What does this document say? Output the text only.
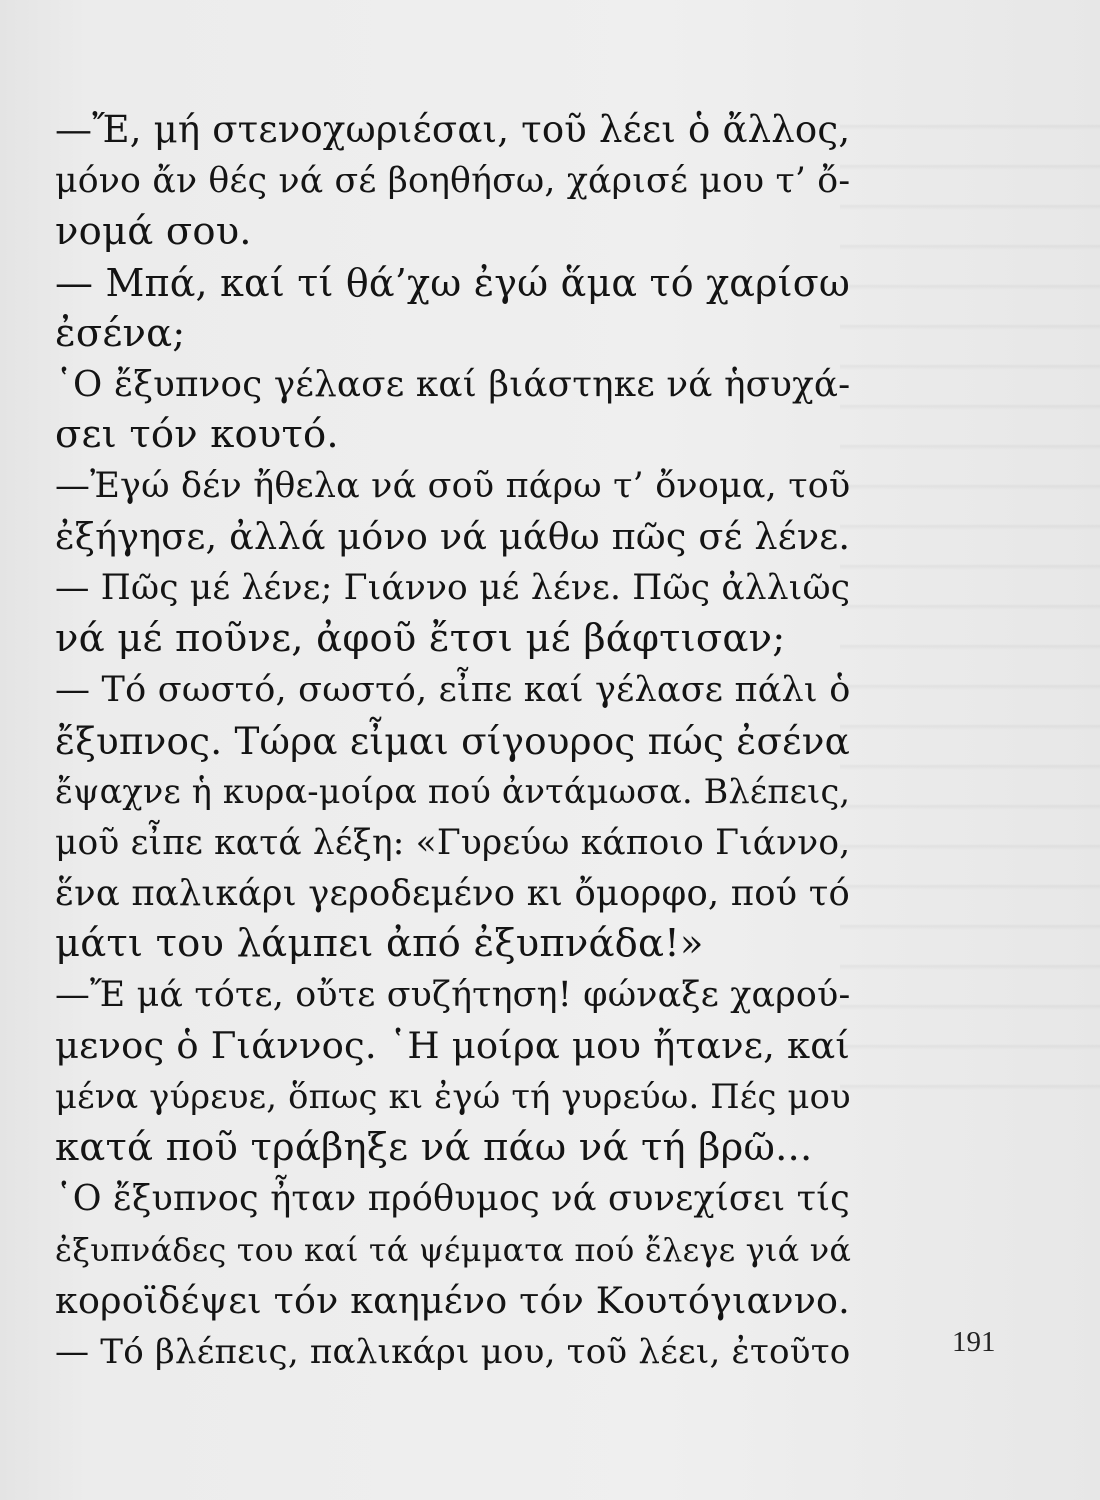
—Ἔ, μή στενοχωριέσαι, τοῦ λέει ὁ ἄλλος,
μόνο ἄν θές νά σέ βοηθήσω, χάρισέ μου τ’ ὄ-
νομά σου.
— Μπά, καί τί θά’χω ἐγώ ἅμα τό χαρίσω
ἐσένα;
῾Ο ἔξυπνος γέλασε καί βιάστηκε νά ἡσυχά-
σει τόν κουτό.
—Ἐγώ δέν ἤθελα νά σοῦ πάρω τ’ ὄνομα, τοῦ
ἐξήγησε, ἀλλά μόνο νά μάθω πῶς σέ λένε.
— Πῶς μέ λένε; Γιάννο μέ λένε. Πῶς ἀλλιῶς
νά μέ ποῦνε, ἀφοῦ ἔτσι μέ βάφτισαν;
— Τό σωστό, σωστό, εἶπε καί γέλασε πάλι ὁ
ἔξυπνος. Τώρα εἶμαι σίγουρος πώς ἐσένα
ἔψαχνε ἡ κυρα-μοίρα πού ἀντάμωσα. Βλέπεις,
μοῦ εἶπε κατά λέξη: «Γυρεύω κάποιο Γιάννο,
ἕνα παλικάρι γεροδεμένο κι ὄμορφο, πού τό
μάτι του λάμπει ἀπό ἐξυπνάδα!»
—Ἔ μά τότε, οὔτε συζήτηση! φώναξε χαρού-
μενος ὁ Γιάννος. ῾Η μοίρα μου ἤτανε, καί
μένα γύρευε, ὅπως κι ἐγώ τή γυρεύω. Πές μου
κατά ποῦ τράβηξε νά πάω νά τή βρῶ...
῾Ο ἔξυπνος ἦταν πρόθυμος νά συνεχίσει τίς
ἐξυπνάδες του καί τά ψέμματα πού ἔλεγε γιά νά
κοροϊδέψει τόν καημένο τόν Κουτόγιαννο.
— Τό βλέπεις, παλικάρι μου, τοῦ λέει, ἐτοῦτο	191
